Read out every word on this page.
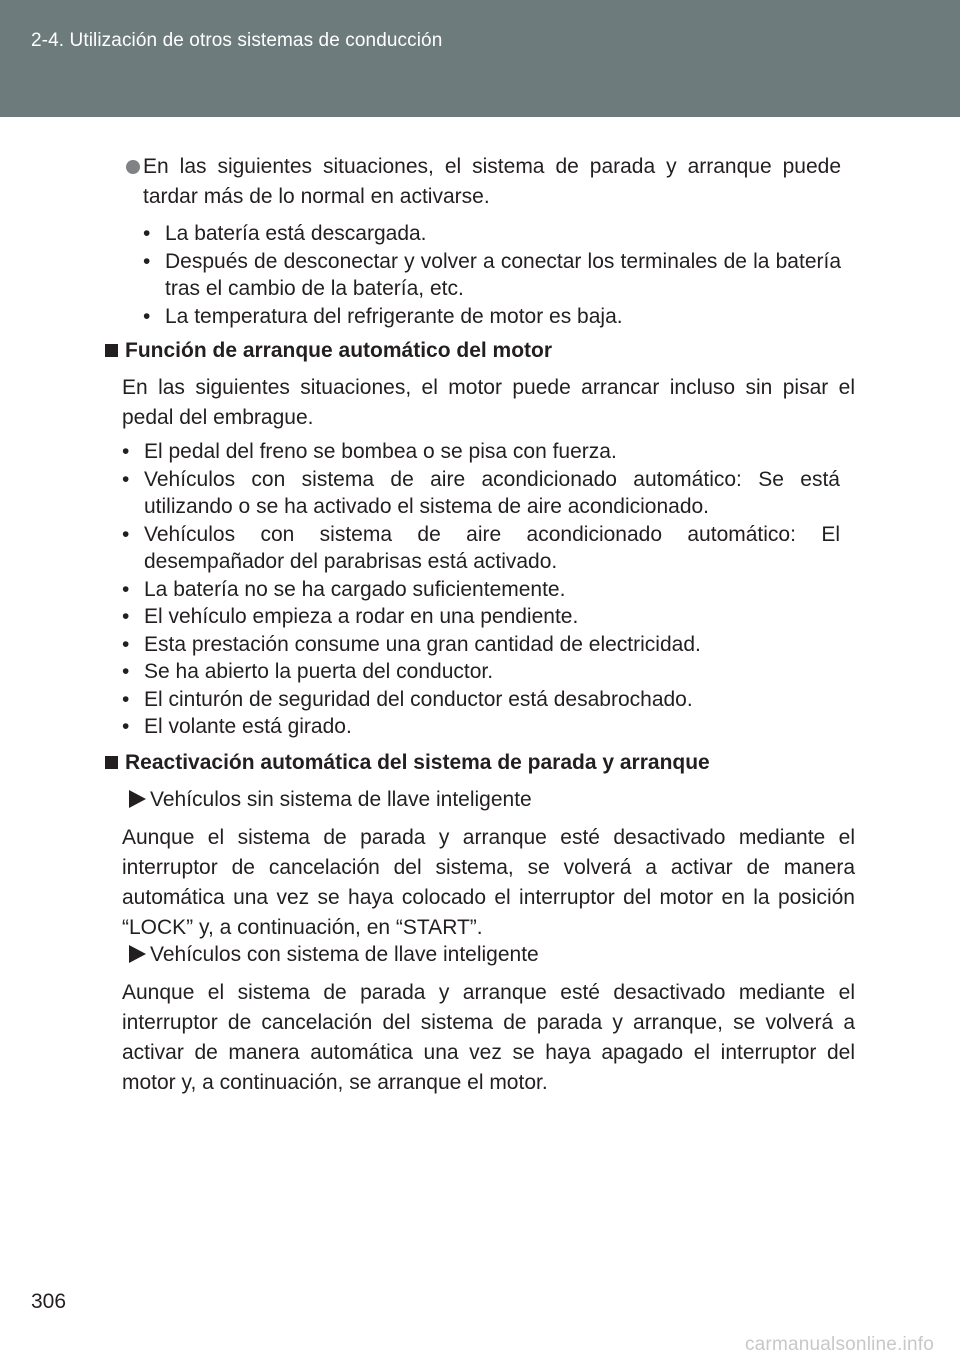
2-4. Utilización de otros sistemas de conducción
En las siguientes situaciones, el sistema de parada y arranque puede tardar más de lo normal en activarse.
• La batería está descargada.
• Después de desconectar y volver a conectar los terminales de la batería tras el cambio de la batería, etc.
• La temperatura del refrigerante de motor es baja.
Función de arranque automático del motor
En las siguientes situaciones, el motor puede arrancar incluso sin pisar el pedal del embrague.
• El pedal del freno se bombea o se pisa con fuerza.
• Vehículos con sistema de aire acondicionado automático: Se está utilizando o se ha activado el sistema de aire acondicionado.
• Vehículos con sistema de aire acondicionado automático: El desempañador del parabrisas está activado.
• La batería no se ha cargado suficientemente.
• El vehículo empieza a rodar en una pendiente.
• Esta prestación consume una gran cantidad de electricidad.
• Se ha abierto la puerta del conductor.
• El cinturón de seguridad del conductor está desabrochado.
• El volante está girado.
Reactivación automática del sistema de parada y arranque
Vehículos sin sistema de llave inteligente
Aunque el sistema de parada y arranque esté desactivado mediante el interruptor de cancelación del sistema, se volverá a activar de manera automática una vez se haya colocado el interruptor del motor en la posición “LOCK” y, a continuación, en “START”.
Vehículos con sistema de llave inteligente
Aunque el sistema de parada y arranque esté desactivado mediante el interruptor de cancelación del sistema de parada y arranque, se volverá a activar de manera automática una vez se haya apagado el interruptor del motor y, a continuación, se arranque el motor.
306
carmanualsonline.info
